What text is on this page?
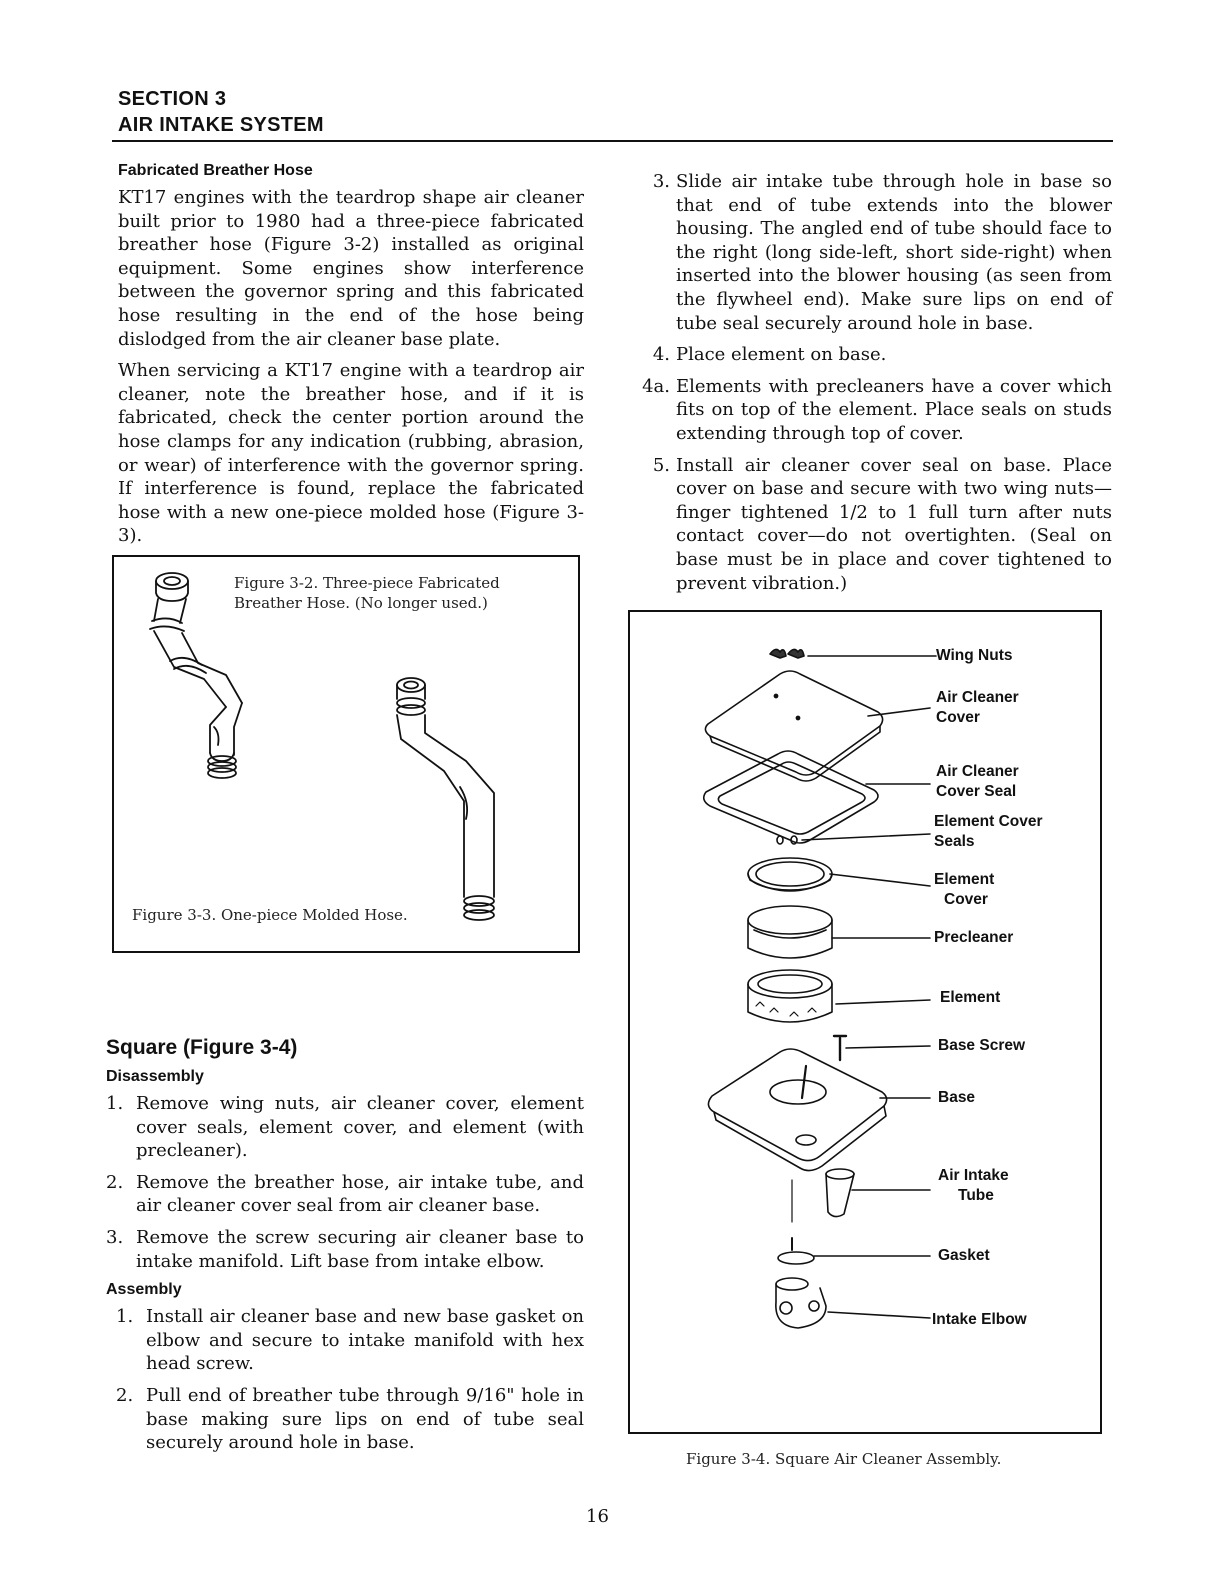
SECTION 3
AIR INTAKE SYSTEM
Fabricated Breather Hose

KT17 engines with the teardrop shape air cleaner built prior to 1980 had a three-piece fabricated breather hose (Figure 3-2) installed as original equipment. Some engines show interference between the governor spring and this fabricated hose resulting in the end of the hose being dislodged from the air cleaner base plate.

When servicing a KT17 engine with a teardrop air cleaner, note the breather hose, and if it is fabricated, check the center portion around the hose clamps for any indication (rubbing, abrasion, or wear) of interference with the governor spring. If interference is found, replace the fabricated hose with a new one-piece molded hose (Figure 3-3).

Figure 3-2. Three-piece Fabricated
Breather Hose. (No longer used.)
Figure 3-3. One-piece Molded Hose.
Square (Figure 3-4)
Disassembly
1. Remove wing nuts, air cleaner cover, element cover seals, element cover, and element (with precleaner).
2. Remove the breather hose, air intake tube, and air cleaner cover seal from air cleaner base.
3. Remove the screw securing air cleaner base to intake manifold. Lift base from intake elbow.
Assembly
1. Install air cleaner base and new base gasket on elbow and secure to intake manifold with hex head screw.
2. Pull end of breather tube through 9/16" hole in base making sure lips on end of tube seal securely around hole in base.
3. Slide air intake tube through hole in base so that end of tube extends into the blower housing. The angled end of tube should face to the right (long side-left, short side-right) when inserted into the blower housing (as seen from the flywheel end). Make sure lips on end of tube seal securely around hole in base.
4. Place element on base.
4a. Elements with precleaners have a cover which fits on top of the element. Place seals on studs extending through top of cover.
5. Install air cleaner cover seal on base. Place cover on base and secure with two wing nuts—finger tightened 1/2 to 1 full turn after nuts contact cover—do not overtighten. (Seal on base must be in place and cover tightened to prevent vibration.)
Wing Nuts
Air Cleaner
Cover
Air Cleaner
Cover Seal
Element Cover
Seals
Element
Cover
Precleaner
Element
Base Screw
Base
Air Intake
Tube
Gasket
Intake Elbow
Figure 3-4. Square Air Cleaner Assembly.
16
